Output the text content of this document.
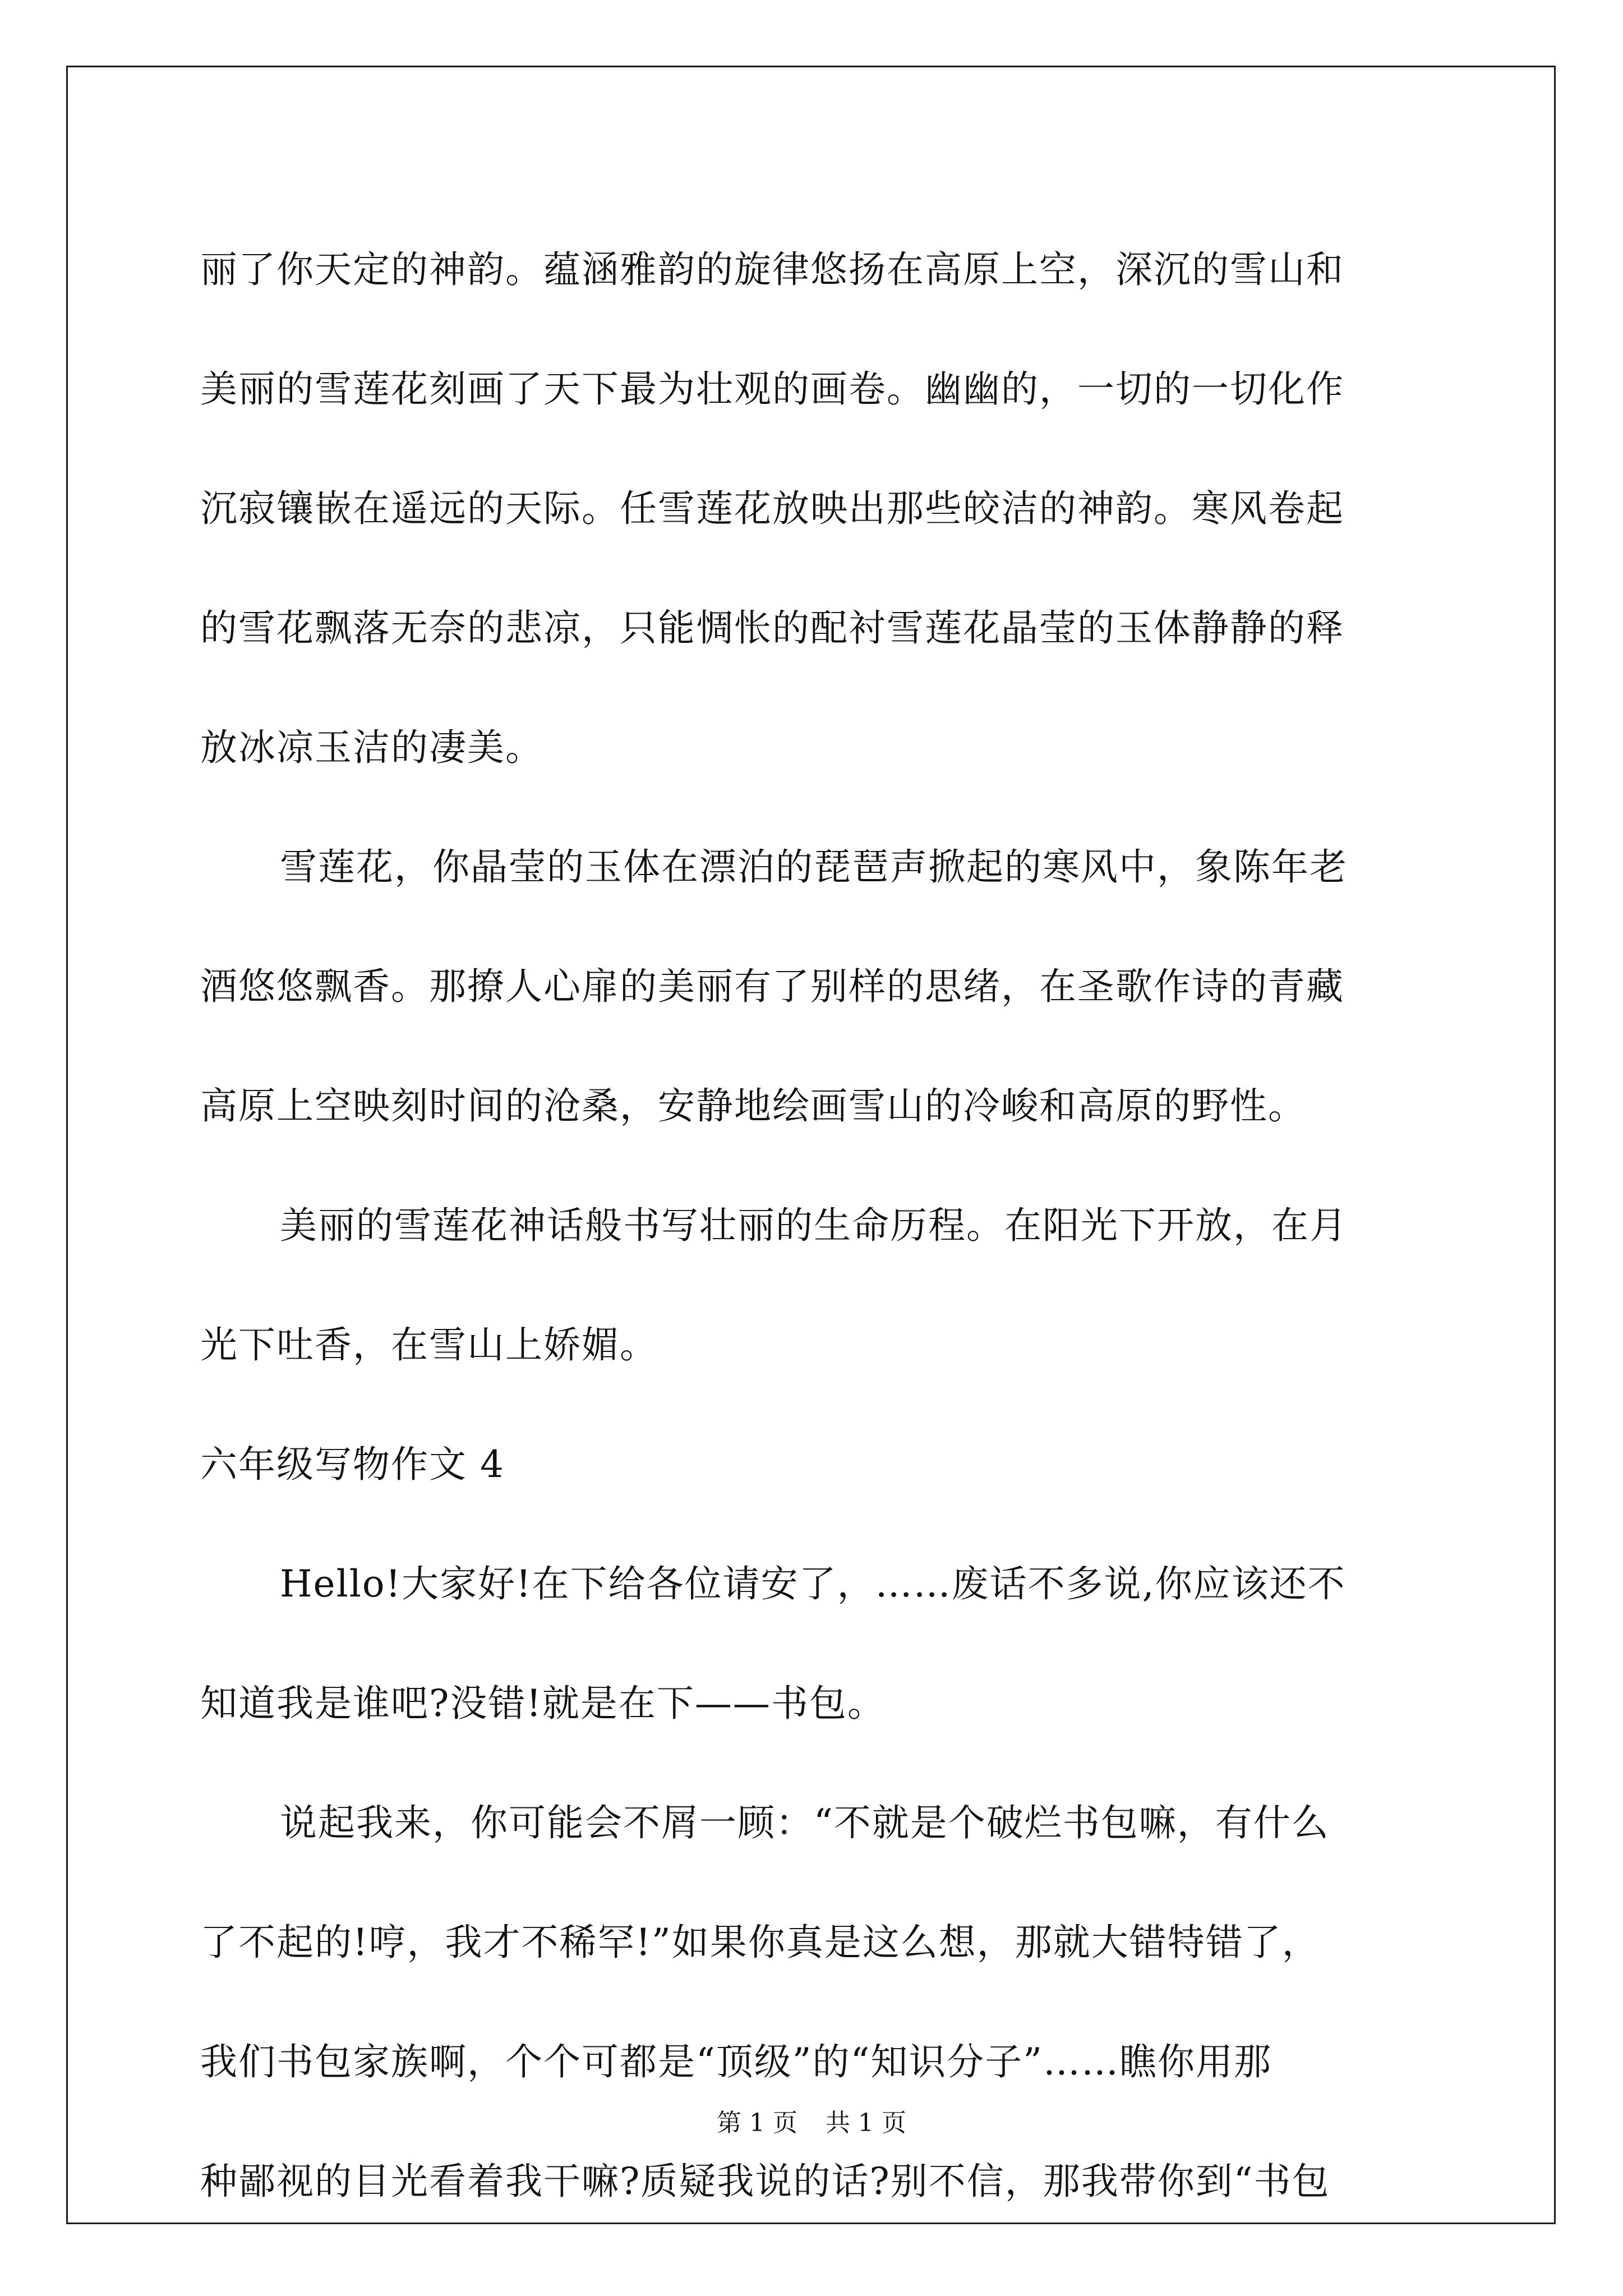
丽了你天定的神韵。蕴涵雅韵的旋律悠扬在高原上空，深沉的雪山和
美丽的雪莲花刻画了天下最为壮观的画卷。幽幽的，一切的一切化作
沉寂镶嵌在遥远的天际。任雪莲花放映出那些皎洁的神韵。寒风卷起
的雪花飘落无奈的悲凉，只能惆怅的配衬雪莲花晶莹的玉体静静的释
放冰凉玉洁的凄美。
雪莲花，你晶莹的玉体在漂泊的琵琶声掀起的寒风中，象陈年老
酒悠悠飘香。那撩人心扉的美丽有了别样的思绪，在圣歌作诗的青藏
高原上空映刻时间的沧桑，安静地绘画雪山的冷峻和高原的野性。
美丽的雪莲花神话般书写壮丽的生命历程。在阳光下开放，在月
光下吐香，在雪山上娇媚。
六年级写物作文 4
Hello!大家好!在下给各位请安了，……废话不多说,你应该还不
知道我是谁吧?没错!就是在下——书包。
说起我来，你可能会不屑一顾：“不就是个破烂书包嘛，有什么
了不起的!哼，我才不稀罕!”如果你真是这么想，那就大错特错了，
我们书包家族啊，个个可都是“顶级”的“知识分子”……瞧你用那
种鄙视的目光看着我干嘛?质疑我说的话?别不信，那我带你到“书包
第 1 页 共 1 页
